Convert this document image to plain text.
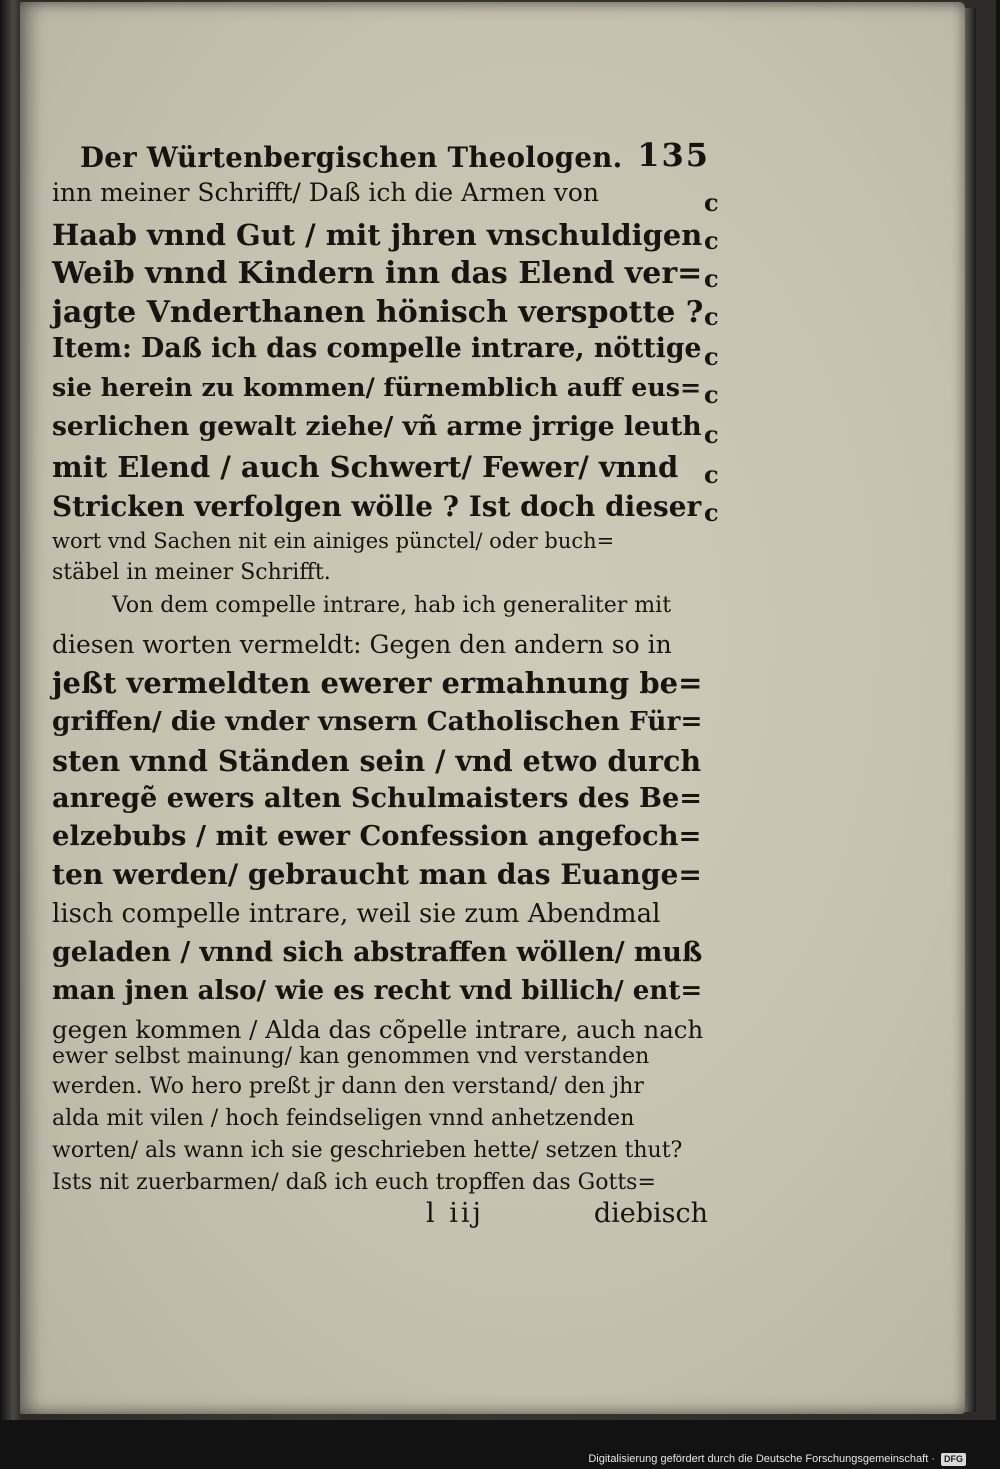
Der Würtenbergischen Theologen. 135
inn meiner Schrifft/ Daß ich die Armen von
Haab vnnd Gut / mit jhren vnschuldigen
Weib vnnd Kindern inn das Elend ver=
jagte Vnderthanen hönisch verspotte ?
Item: Daß ich das compelle intrare, nöttige
sie herein zu kommen/ fürnemblich auff eus=
serlichen gewalt ziehe/ vñ arme jrrige leuth
mit Elend / auch Schwert/ Fewer/ vnnd
Stricken verfolgen wölle ? Ist doch dieser
wort vnd Sachen nit ein ainiges pünctel/ oder buch=
stäbel in meiner Schrifft.
Von dem compelle intrare, hab ich generaliter mit
diesen worten vermeldt: Gegen den andern so in
jeßt vermeldten ewerer ermahnung be=
griffen/ die vnder vnsern Catholischen Für=
sten vnnd Ständen sein / vnd etwo durch
anregẽ ewers alten Schulmaisters des Be=
elzebubs / mit ewer Confession angefoch=
ten werden/ gebraucht man das Euange=
lisch compelle intrare, weil sie zum Abendmal
geladen / vnnd sich abstraffen wöllen/ muß
man jnen also/ wie es recht vnd billich/ ent=
gegen kommen / Alda das cõpelle intrare, auch nach
ewer selbst mainung/ kan genommen vnd verstanden
werden. Wo hero preßt jr dann den verstand/ den jhr
alda mit vilen / hoch feindseligen vnnd anhetzenden
worten/ als wann ich sie geschrieben hette/ setzen thut?
Ists nit zuerbarmen/ daß ich euch tropffen das Gotts=
c
c
c
c
c
c
c
c
c
l iij	diebisch
Digitalisierung gefördert durch die Deutsche Forschungsgemeinschaft ·	DFG
